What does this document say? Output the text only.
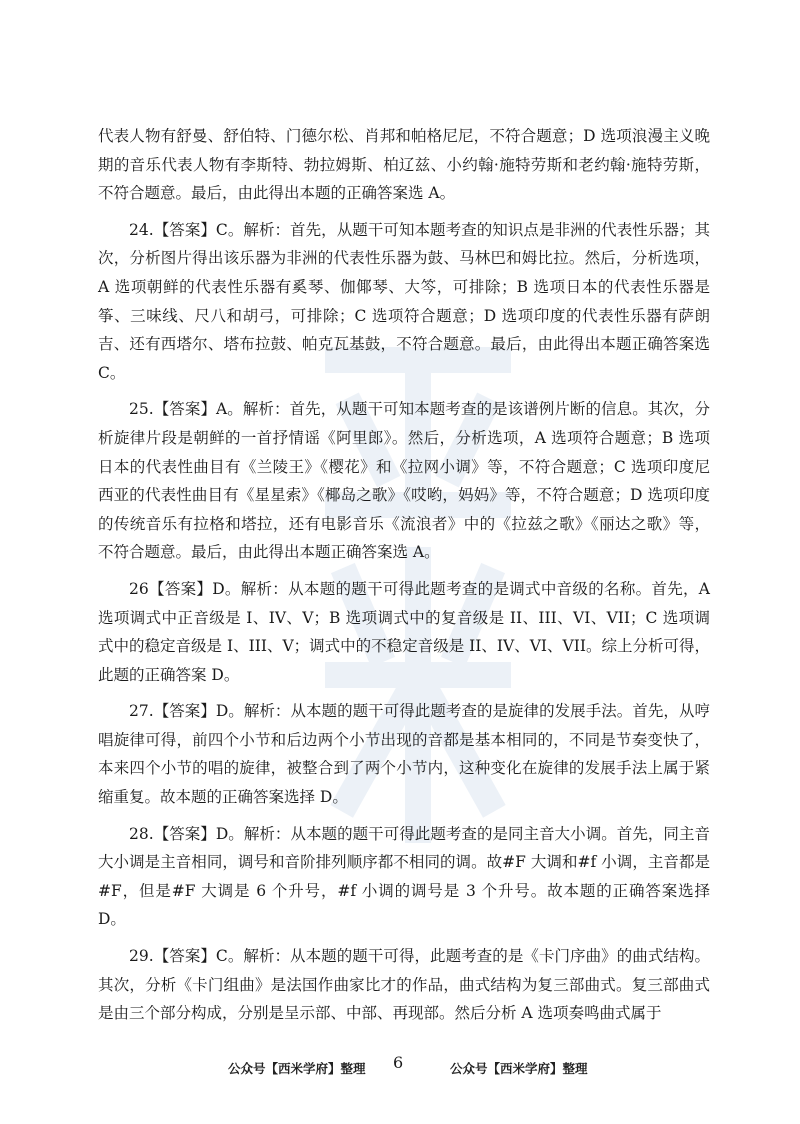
代表人物有舒曼、舒伯特、门德尔松、肖邦和帕格尼尼，不符合题意；D 选项浪漫主义晚期的音乐代表人物有李斯特、勃拉姆斯、柏辽兹、小约翰·施特劳斯和老约翰·施特劳斯，不符合题意。最后，由此得出本题的正确答案选 A。

24.【答案】C。解析：首先，从题干可知本题考查的知识点是非洲的代表性乐器；其次，分析图片得出该乐器为非洲的代表性乐器为鼓、马林巴和姆比拉。然后，分析选项，A 选项朝鲜的代表性乐器有奚琴、伽倻琴、大笒，可排除；B 选项日本的代表性乐器是筝、三味线、尺八和胡弓，可排除；C 选项符合题意；D 选项印度的代表性乐器有萨朗吉、还有西塔尔、塔布拉鼓、帕克瓦基鼓，不符合题意。最后，由此得出本题正确答案选 C。

25.【答案】A。解析：首先，从题干可知本题考查的是该谱例片断的信息。其次，分析旋律片段是朝鲜的一首抒情谣《阿里郎》。然后，分析选项，A 选项符合题意；B 选项日本的代表性曲目有《兰陵王》《樱花》和《拉网小调》等，不符合题意；C 选项印度尼西亚的代表性曲目有《星星索》《椰岛之歌》《哎哟，妈妈》等，不符合题意；D 选项印度的传统音乐有拉格和塔拉，还有电影音乐《流浪者》中的《拉兹之歌》《丽达之歌》等，不符合题意。最后，由此得出本题正确答案选 A。

26【答案】D。解析：从本题的题干可得此题考查的是调式中音级的名称。首先，A 选项调式中正音级是 I、IV、V；B 选项调式中的复音级是 II、III、VI、VII；C 选项调式中的稳定音级是 I、III、V；调式中的不稳定音级是 II、IV、VI、VII。综上分析可得，此题的正确答案 D。

27.【答案】D。解析：从本题的题干可得此题考查的是旋律的发展手法。首先，从哼唱旋律可得，前四个小节和后边两个小节出现的音都是基本相同的，不同是节奏变快了，本来四个小节的唱的旋律，被整合到了两个小节内，这种变化在旋律的发展手法上属于紧缩重复。故本题的正确答案选择 D。

28.【答案】D。解析：从本题的题干可得此题考查的是同主音大小调。首先，同主音大小调是主音相同，调号和音阶排列顺序都不相同的调。故#F 大调和#f 小调，主音都是#F，但是#F 大调是 6 个升号，#f 小调的调号是 3 个升号。故本题的正确答案选择 D。

29.【答案】C。解析：从本题的题干可得，此题考查的是《卡门序曲》的曲式结构。其次，分析《卡门组曲》是法国作曲家比才的作品，曲式结构为复三部曲式。复三部曲式是由三个部分构成，分别是呈示部、中部、再现部。然后分析 A 选项奏鸣曲式属于

公众号【西米学府】整理 6	公众号【西米学府】整理
